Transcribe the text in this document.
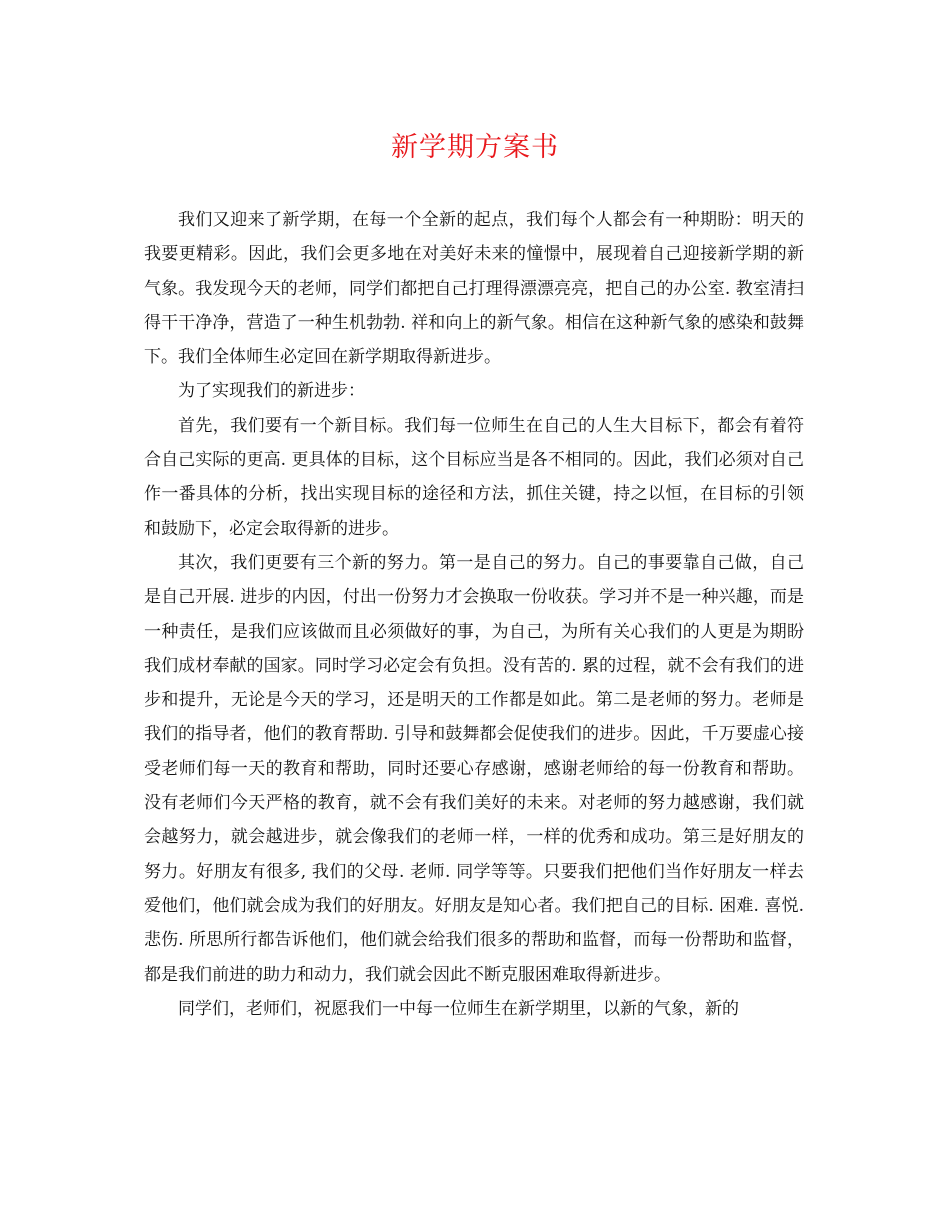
新学期方案书

我们又迎来了新学期，在每一个全新的起点，我们每个人都会有一种期盼：明天的我要更精彩。因此，我们会更多地在对美好未来的憧憬中，展现着自己迎接新学期的新气象。我发现今天的老师，同学们都把自己打理得漂漂亮亮，把自己的办公室. 教室清扫得干干净净，营造了一种生机勃勃. 祥和向上的新气象。相信在这种新气象的感染和鼓舞下。我们全体师生必定回在新学期取得新进步。

为了实现我们的新进步：

首先，我们要有一个新目标。我们每一位师生在自己的人生大目标下，都会有着符合自己实际的更高. 更具体的目标，这个目标应当是各不相同的。因此，我们必须对自己作一番具体的分析，找出实现目标的途径和方法，抓住关键，持之以恒，在目标的引领和鼓励下，必定会取得新的进步。

其次，我们更要有三个新的努力。第一是自己的努力。自己的事要靠自己做，自己是自己开展. 进步的内因，付出一份努力才会换取一份收获。学习并不是一种兴趣，而是一种责任，是我们应该做而且必须做好的事，为自己，为所有关心我们的人更是为期盼我们成材奉献的国家。同时学习必定会有负担。没有苦的. 累的过程，就不会有我们的进步和提升，无论是今天的学习，还是明天的工作都是如此。第二是老师的努力。老师是我们的指导者，他们的教育帮助. 引导和鼓舞都会促使我们的进步。因此，千万要虚心接受老师们每一天的教育和帮助，同时还要心存感谢，感谢老师给的每一份教育和帮助。没有老师们今天严格的教育，就不会有我们美好的未来。对老师的努力越感谢，我们就会越努力，就会越进步，就会像我们的老师一样，一样的优秀和成功。第三是好朋友的努力。好朋友有很多, 我们的父母. 老师. 同学等等。只要我们把他们当作好朋友一样去爱他们，他们就会成为我们的好朋友。好朋友是知心者。我们把自己的目标. 困难. 喜悦. 悲伤. 所思所行都告诉他们，他们就会给我们很多的帮助和监督，而每一份帮助和监督，都是我们前进的助力和动力，我们就会因此不断克服困难取得新进步。

同学们，老师们，祝愿我们一中每一位师生在新学期里，以新的气象，新的
